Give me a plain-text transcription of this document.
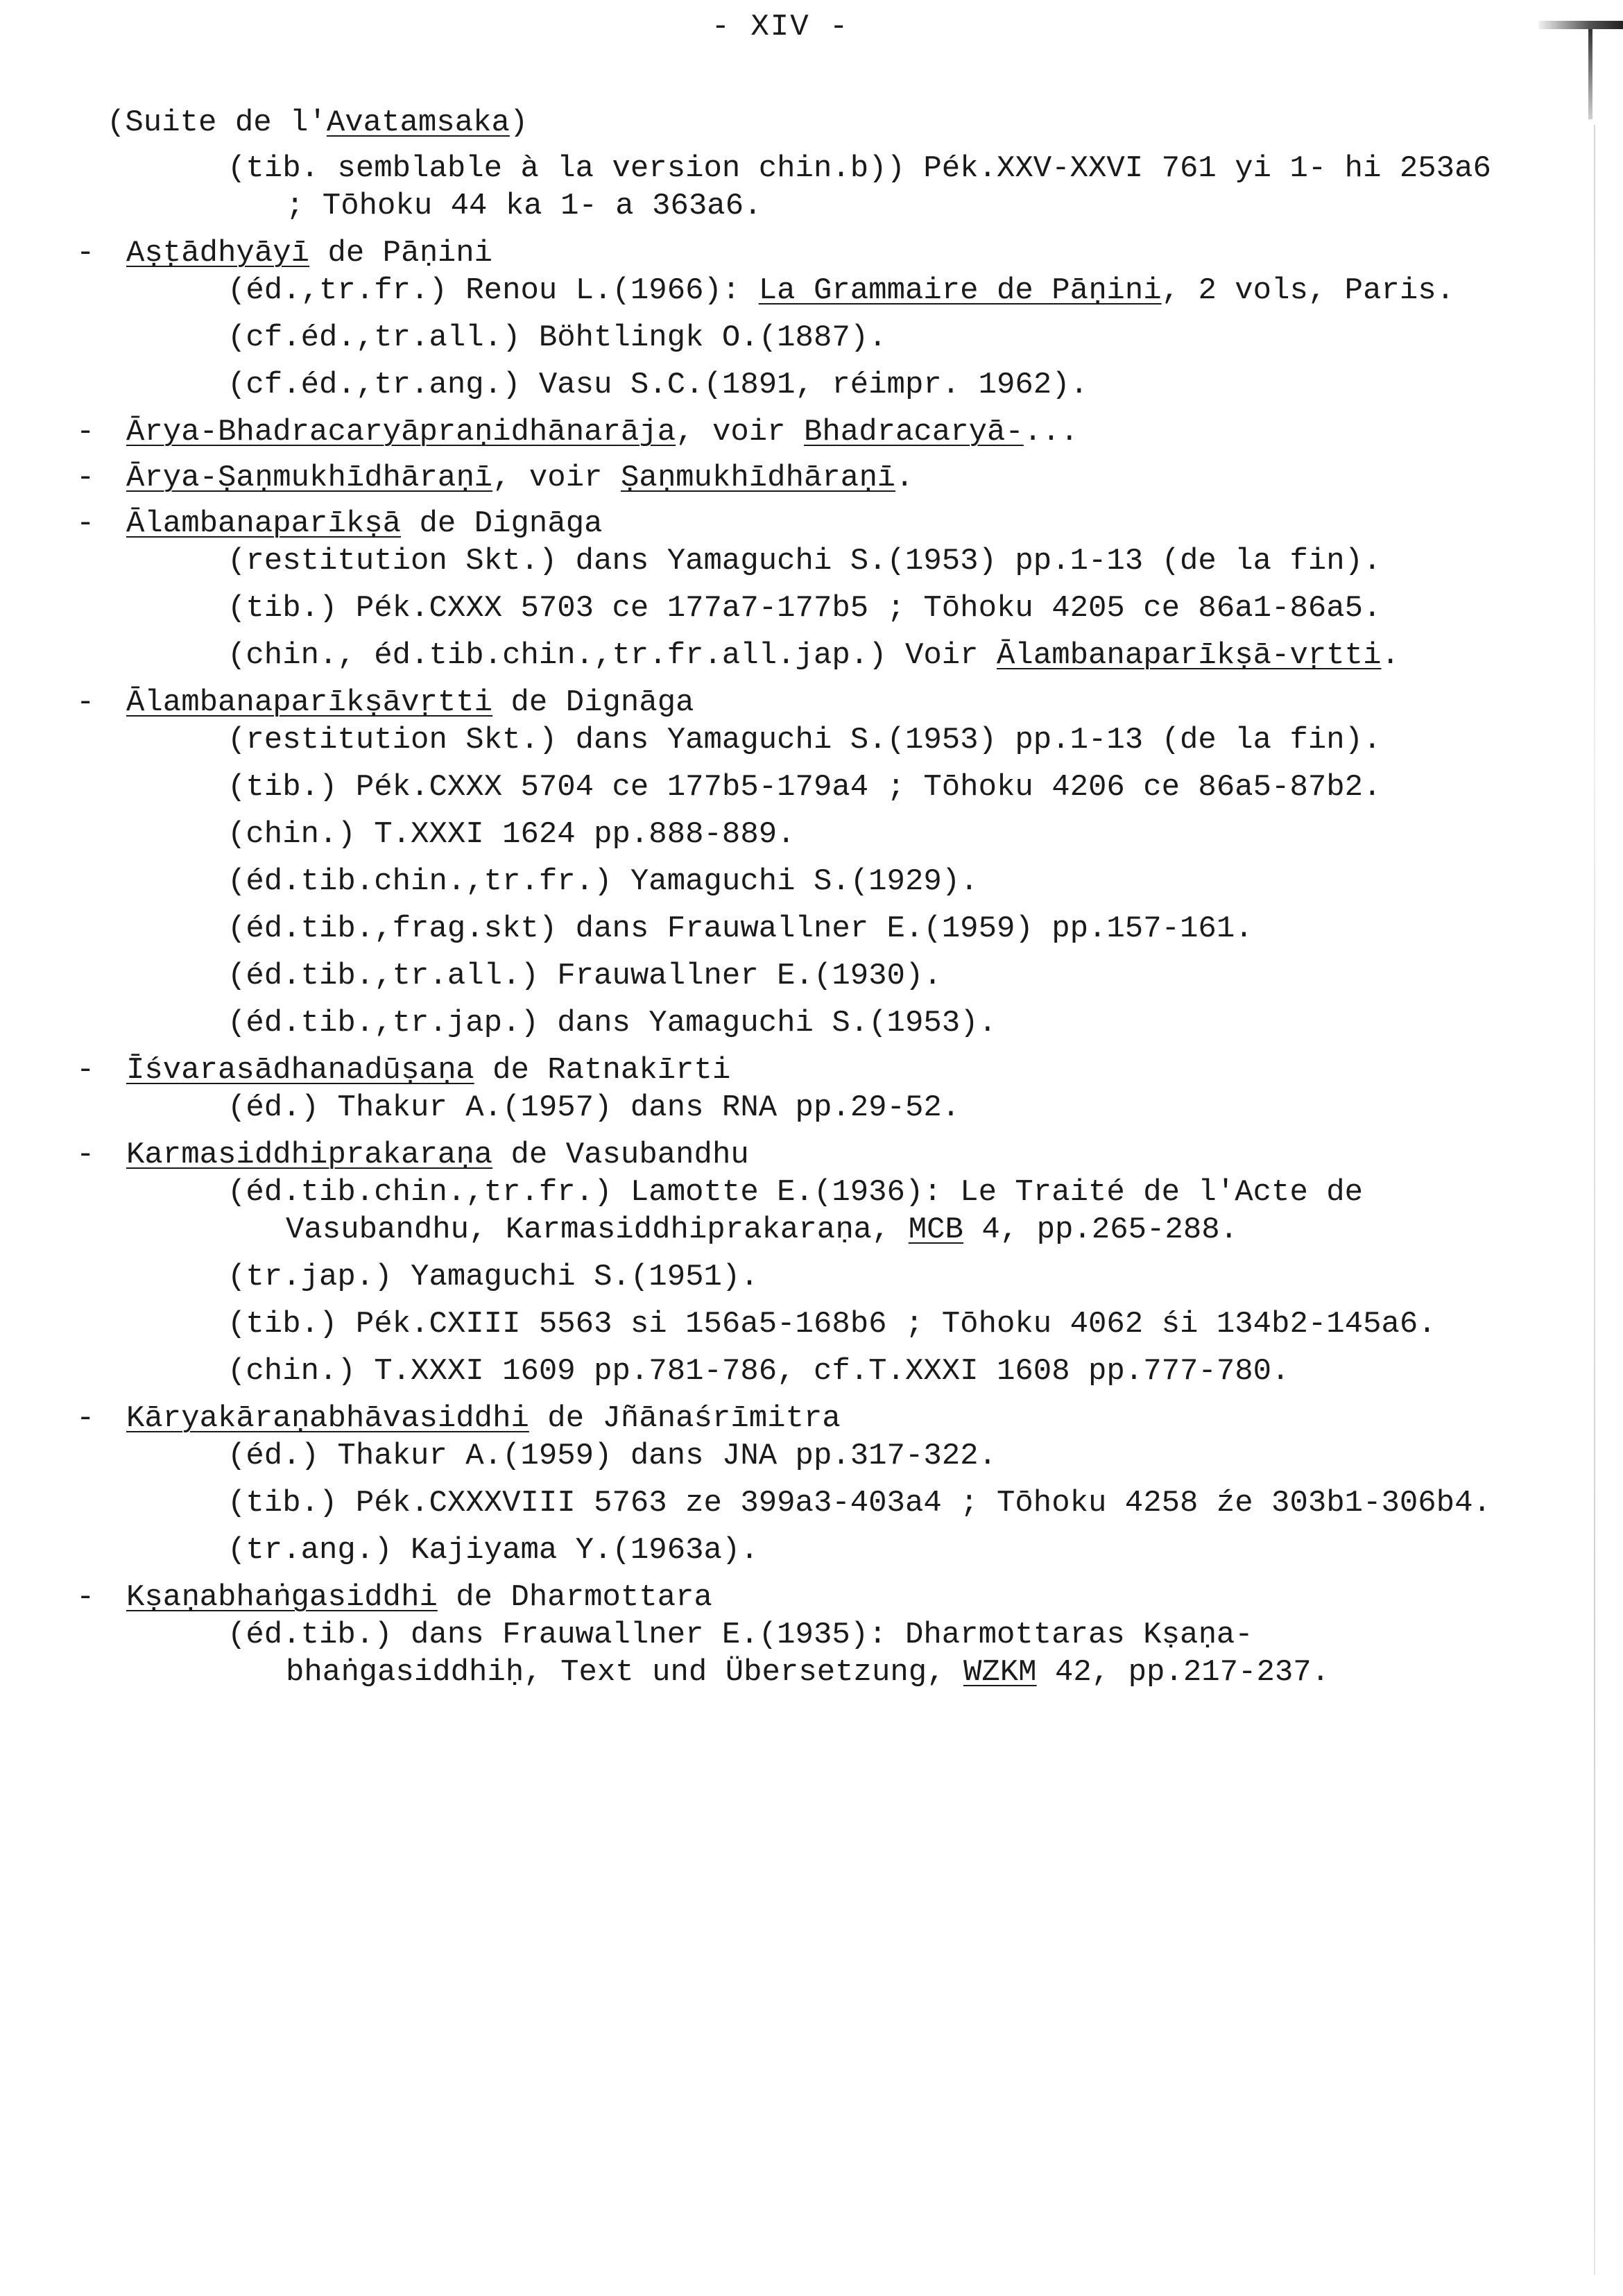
- XIV -
(Suite de l'Avatamsaka)
(tib. semblable à la version chin.b)) Pék.XXV-XXVI 761 yi 1- hi 253a6 ; Tōhoku 44 ka 1- a 363a6.
- Aṣṭādhyāyī de Pāṇini
(éd.,tr.fr.) Renou L.(1966): La Grammaire de Pāṇini, 2 vols, Paris.
(cf.éd.,tr.all.) Böhtlingk O.(1887).
(cf.éd.,tr.ang.) Vasu S.C.(1891, réimpr. 1962).
- Ārya-Bhadracaryāpraṇidhānarāja, voir Bhadracaryā-...
- Ārya-Ṣaṇmukhīdhāraṇī, voir Ṣaṇmukhīdhāraṇī.
- Ālambanaparīkṣā de Dignāga
(restitution Skt.) dans Yamaguchi S.(1953) pp.1-13 (de la fin).
(tib.) Pék.CXXX 5703 ce 177a7-177b5 ; Tōhoku 4205 ce 86a1-86a5.
(chin., éd.tib.chin.,tr.fr.all.jap.) Voir Ālambanaparīkṣā-vṛtti.
- Ālambanaparīkṣāvṛtti de Dignāga
(restitution Skt.) dans Yamaguchi S.(1953) pp.1-13 (de la fin).
(tib.) Pék.CXXX 5704 ce 177b5-179a4 ; Tōhoku 4206 ce 86a5-87b2.
(chin.) T.XXXI 1624 pp.888-889.
(éd.tib.chin.,tr.fr.) Yamaguchi S.(1929).
(éd.tib.,frag.skt) dans Frauwallner E.(1959) pp.157-161.
(éd.tib.,tr.all.) Frauwallner E.(1930).
(éd.tib.,tr.jap.) dans Yamaguchi S.(1953).
- Īśvarasādhanadūṣaṇa de Ratnakīrti
(éd.) Thakur A.(1957) dans RNA pp.29-52.
- Karmasiddhiprakaraṇa de Vasubandhu
(éd.tib.chin.,tr.fr.) Lamotte E.(1936): Le Traité de l'Acte de Vasubandhu, Karmasiddhiprakaraṇa, MCB 4, pp.265-288.
(tr.jap.) Yamaguchi S.(1951).
(tib.) Pék.CXIII 5563 si 156a5-168b6 ; Tōhoku 4062 śi 134b2-145a6.
(chin.) T.XXXI 1609 pp.781-786, cf.T.XXXI 1608 pp.777-780.
- Kāryakāraṇabhāvasiddhi de Jñānaśrīmitra
(éd.) Thakur A.(1959) dans JNA pp.317-322.
(tib.) Pék.CXXXVIII 5763 ze 399a3-403a4 ; Tōhoku 4258 źe 303b1-306b4.
(tr.ang.) Kajiyama Y.(1963a).
- Kṣaṇabhaṅgasiddhi de Dharmottara
(éd.tib.) dans Frauwallner E.(1935): Dharmottaras Kṣaṇa-bhaṅgasiddhiḥ, Text und Übersetzung, WZKM 42, pp.217-237.
